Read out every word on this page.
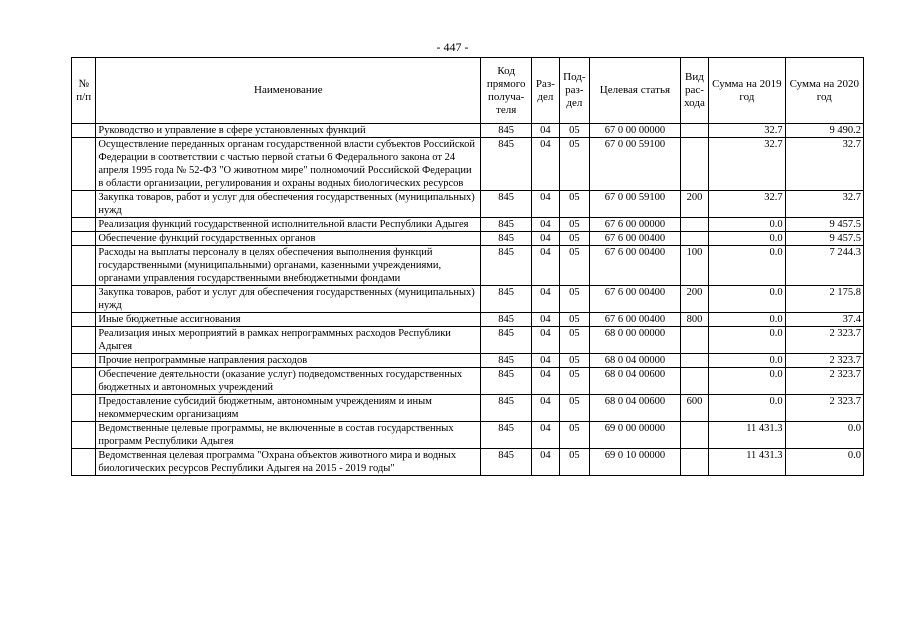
- 447 -
№ п/п	Наименование	Код прямого получа-теля	Раз-дел	Под-раз-дел	Целевая статья	Вид рас-хода	Сумма на 2019 год	Сумма на 2020 год
	Руководство и управление в сфере установленных функций	845	04	05	67 0 00 00000		32.7	9 490.2
	Осуществление переданных органам государственной власти субъектов Российской Федерации в соответствии с частью первой статьи 6 Федерального закона от 24 апреля 1995 года № 52-ФЗ "О животном мире" полномочий Российской Федерации в области организации, регулирования и охраны водных биологических ресурсов	845	04	05	67 0 00 59100		32.7	32.7
	Закупка товаров, работ и услуг для обеспечения государственных (муниципальных) нужд	845	04	05	67 0 00 59100	200	32.7	32.7
	Реализация функций государственной исполнительной власти Республики Адыгея	845	04	05	67 6 00 00000		0.0	9 457.5
	Обеспечение функций государственных органов	845	04	05	67 6 00 00400		0.0	9 457.5
	Расходы на выплаты персоналу в целях обеспечения выполнения функций государственными (муниципальными) органами, казенными учреждениями, органами управления государственными внебюджетными фондами	845	04	05	67 6 00 00400	100	0.0	7 244.3
	Закупка товаров, работ и услуг для обеспечения государственных (муниципальных) нужд	845	04	05	67 6 00 00400	200	0.0	2 175.8
	Иные бюджетные ассигнования	845	04	05	67 6 00 00400	800	0.0	37.4
	Реализация иных мероприятий в рамках непрограммных расходов Республики Адыгея	845	04	05	68 0 00 00000		0.0	2 323.7
	Прочие непрограммные направления расходов	845	04	05	68 0 04 00000		0.0	2 323.7
	Обеспечение деятельности (оказание услуг) подведомственных государственных бюджетных и автономных учреждений	845	04	05	68 0 04 00600		0.0	2 323.7
	Предоставление субсидий бюджетным, автономным учреждениям и иным некоммерческим организациям	845	04	05	68 0 04 00600	600	0.0	2 323.7
	Ведомственные целевые программы, не включенные в состав государственных программ Республики Адыгея	845	04	05	69 0 00 00000		11 431.3	0.0
	Ведомственная целевая программа "Охрана объектов животного мира и водных биологических ресурсов Республики Адыгея на 2015 - 2019 годы"	845	04	05	69 0 10 00000		11 431.3	0.0
